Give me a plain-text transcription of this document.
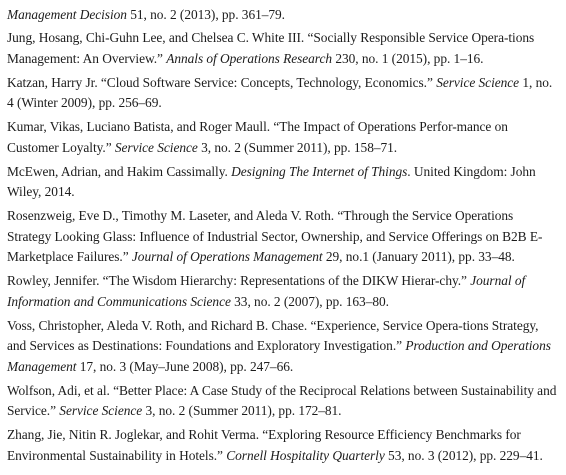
Management Decision 51, no. 2 (2013), pp. 361–79.

Jung, Hosang, Chi-Guhn Lee, and Chelsea C. White III. “Socially Responsible Service Opera-tions Management: An Overview.” Annals of Operations Research 230, no. 1 (2015), pp. 1–16.

Katzan, Harry Jr. “Cloud Software Service: Concepts, Technology, Economics.” Service Science 1, no. 4 (Winter 2009), pp. 256–69.

Kumar, Vikas, Luciano Batista, and Roger Maull. “The Impact of Operations Perfor-mance on Customer Loyalty.” Service Science 3, no. 2 (Summer 2011), pp. 158–71.

McEwen, Adrian, and Hakim Cassimally. Designing The Internet of Things. United Kingdom: John Wiley, 2014.

Rosenzweig, Eve D., Timothy M. Laseter, and Aleda V. Roth. “Through the Service Operations Strategy Looking Glass: Influence of Industrial Sector, Ownership, and Service Offerings on B2B E-Marketplace Failures.” Journal of Operations Management 29, no.1 (January 2011), pp. 33–48.

Rowley, Jennifer. “The Wisdom Hierarchy: Representations of the DIKW Hierar-chy.” Journal of Information and Communications Science 33, no. 2 (2007), pp. 163–80.

Voss, Christopher, Aleda V. Roth, and Richard B. Chase. “Experience, Service Opera-tions Strategy, and Services as Destinations: Foundations and Exploratory Investigation.” Production and Operations Management 17, no. 3 (May–June 2008), pp. 247–66.

Wolfson, Adi, et al. “Better Place: A Case Study of the Reciprocal Relations between Sustainability and Service.” Service Science 3, no. 2 (Summer 2011), pp. 172–81.

Zhang, Jie, Nitin R. Joglekar, and Rohit Verma. “Exploring Resource Efficiency Benchmarks for Environmental Sustainability in Hotels.” Cornell Hospitality Quarterly 53, no. 3 (2012), pp. 229–41.
